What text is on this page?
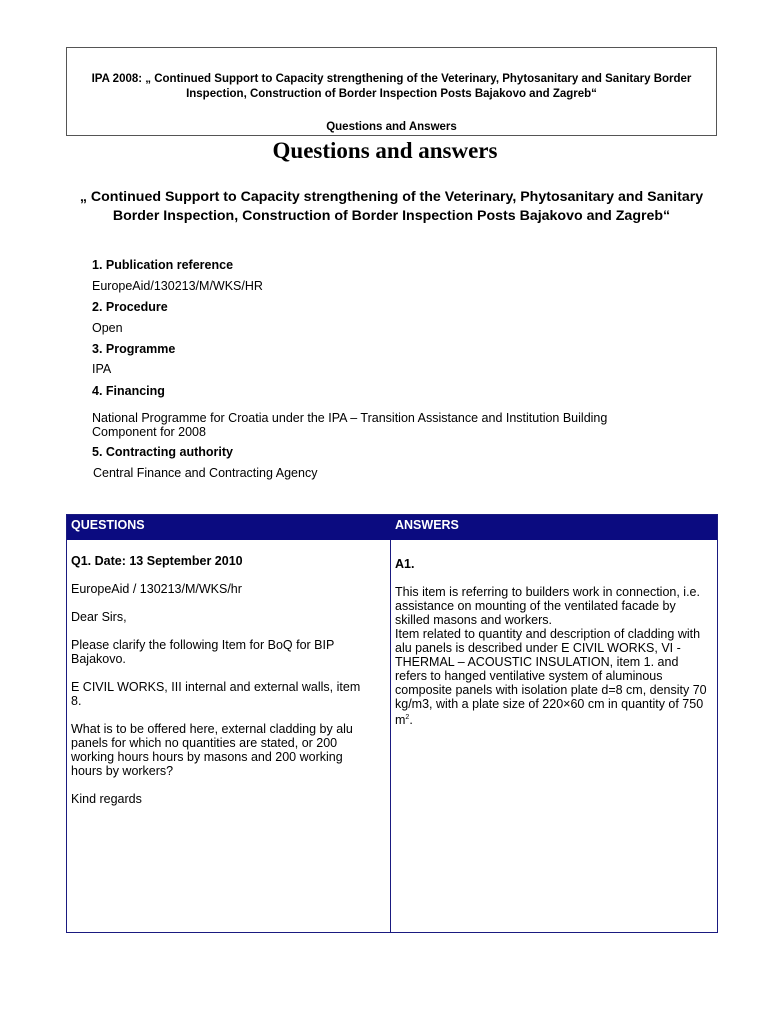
IPA 2008: „ Continued Support to Capacity strengthening of the Veterinary, Phytosanitary and Sanitary Border Inspection, Construction of Border Inspection Posts Bajakovo and Zagreb“
Questions and Answers
Questions and answers
„ Continued Support to Capacity strengthening of the Veterinary, Phytosanitary and Sanitary Border Inspection, Construction of Border Inspection Posts Bajakovo and Zagreb“
1. Publication reference
EuropeAid/130213/M/WKS/HR
2. Procedure
Open
3. Programme
IPA
4. Financing
National Programme for Croatia under the IPA – Transition Assistance and Institution Building Component for 2008
5. Contracting authority
Central Finance and Contracting Agency
QUESTIONS	ANSWERS

Q1. Date: 13 September 2010

EuropeAid / 130213/M/WKS/hr

Dear Sirs,

Please clarify the following Item for BoQ for BIP Bajakovo.

E CIVIL WORKS, III internal and external walls, item 8.

What is to be offered here, external cladding by alu panels for which no quantities are stated, or 200 working hours hours by masons and 200 working hours by workers?

Kind regards

A1.

This item is referring to builders work in connection, i.e. assistance on mounting of the ventilated facade by skilled masons and workers.
Item related to quantity and description of cladding with alu panels is described under E CIVIL WORKS, VI - THERMAL – ACOUSTIC INSULATION, item 1. and refers to hanged ventilative system of aluminous composite panels with isolation plate d=8 cm, density 70 kg/m3, with a plate size of 220×60 cm in quantity of 750 $m^2$.
